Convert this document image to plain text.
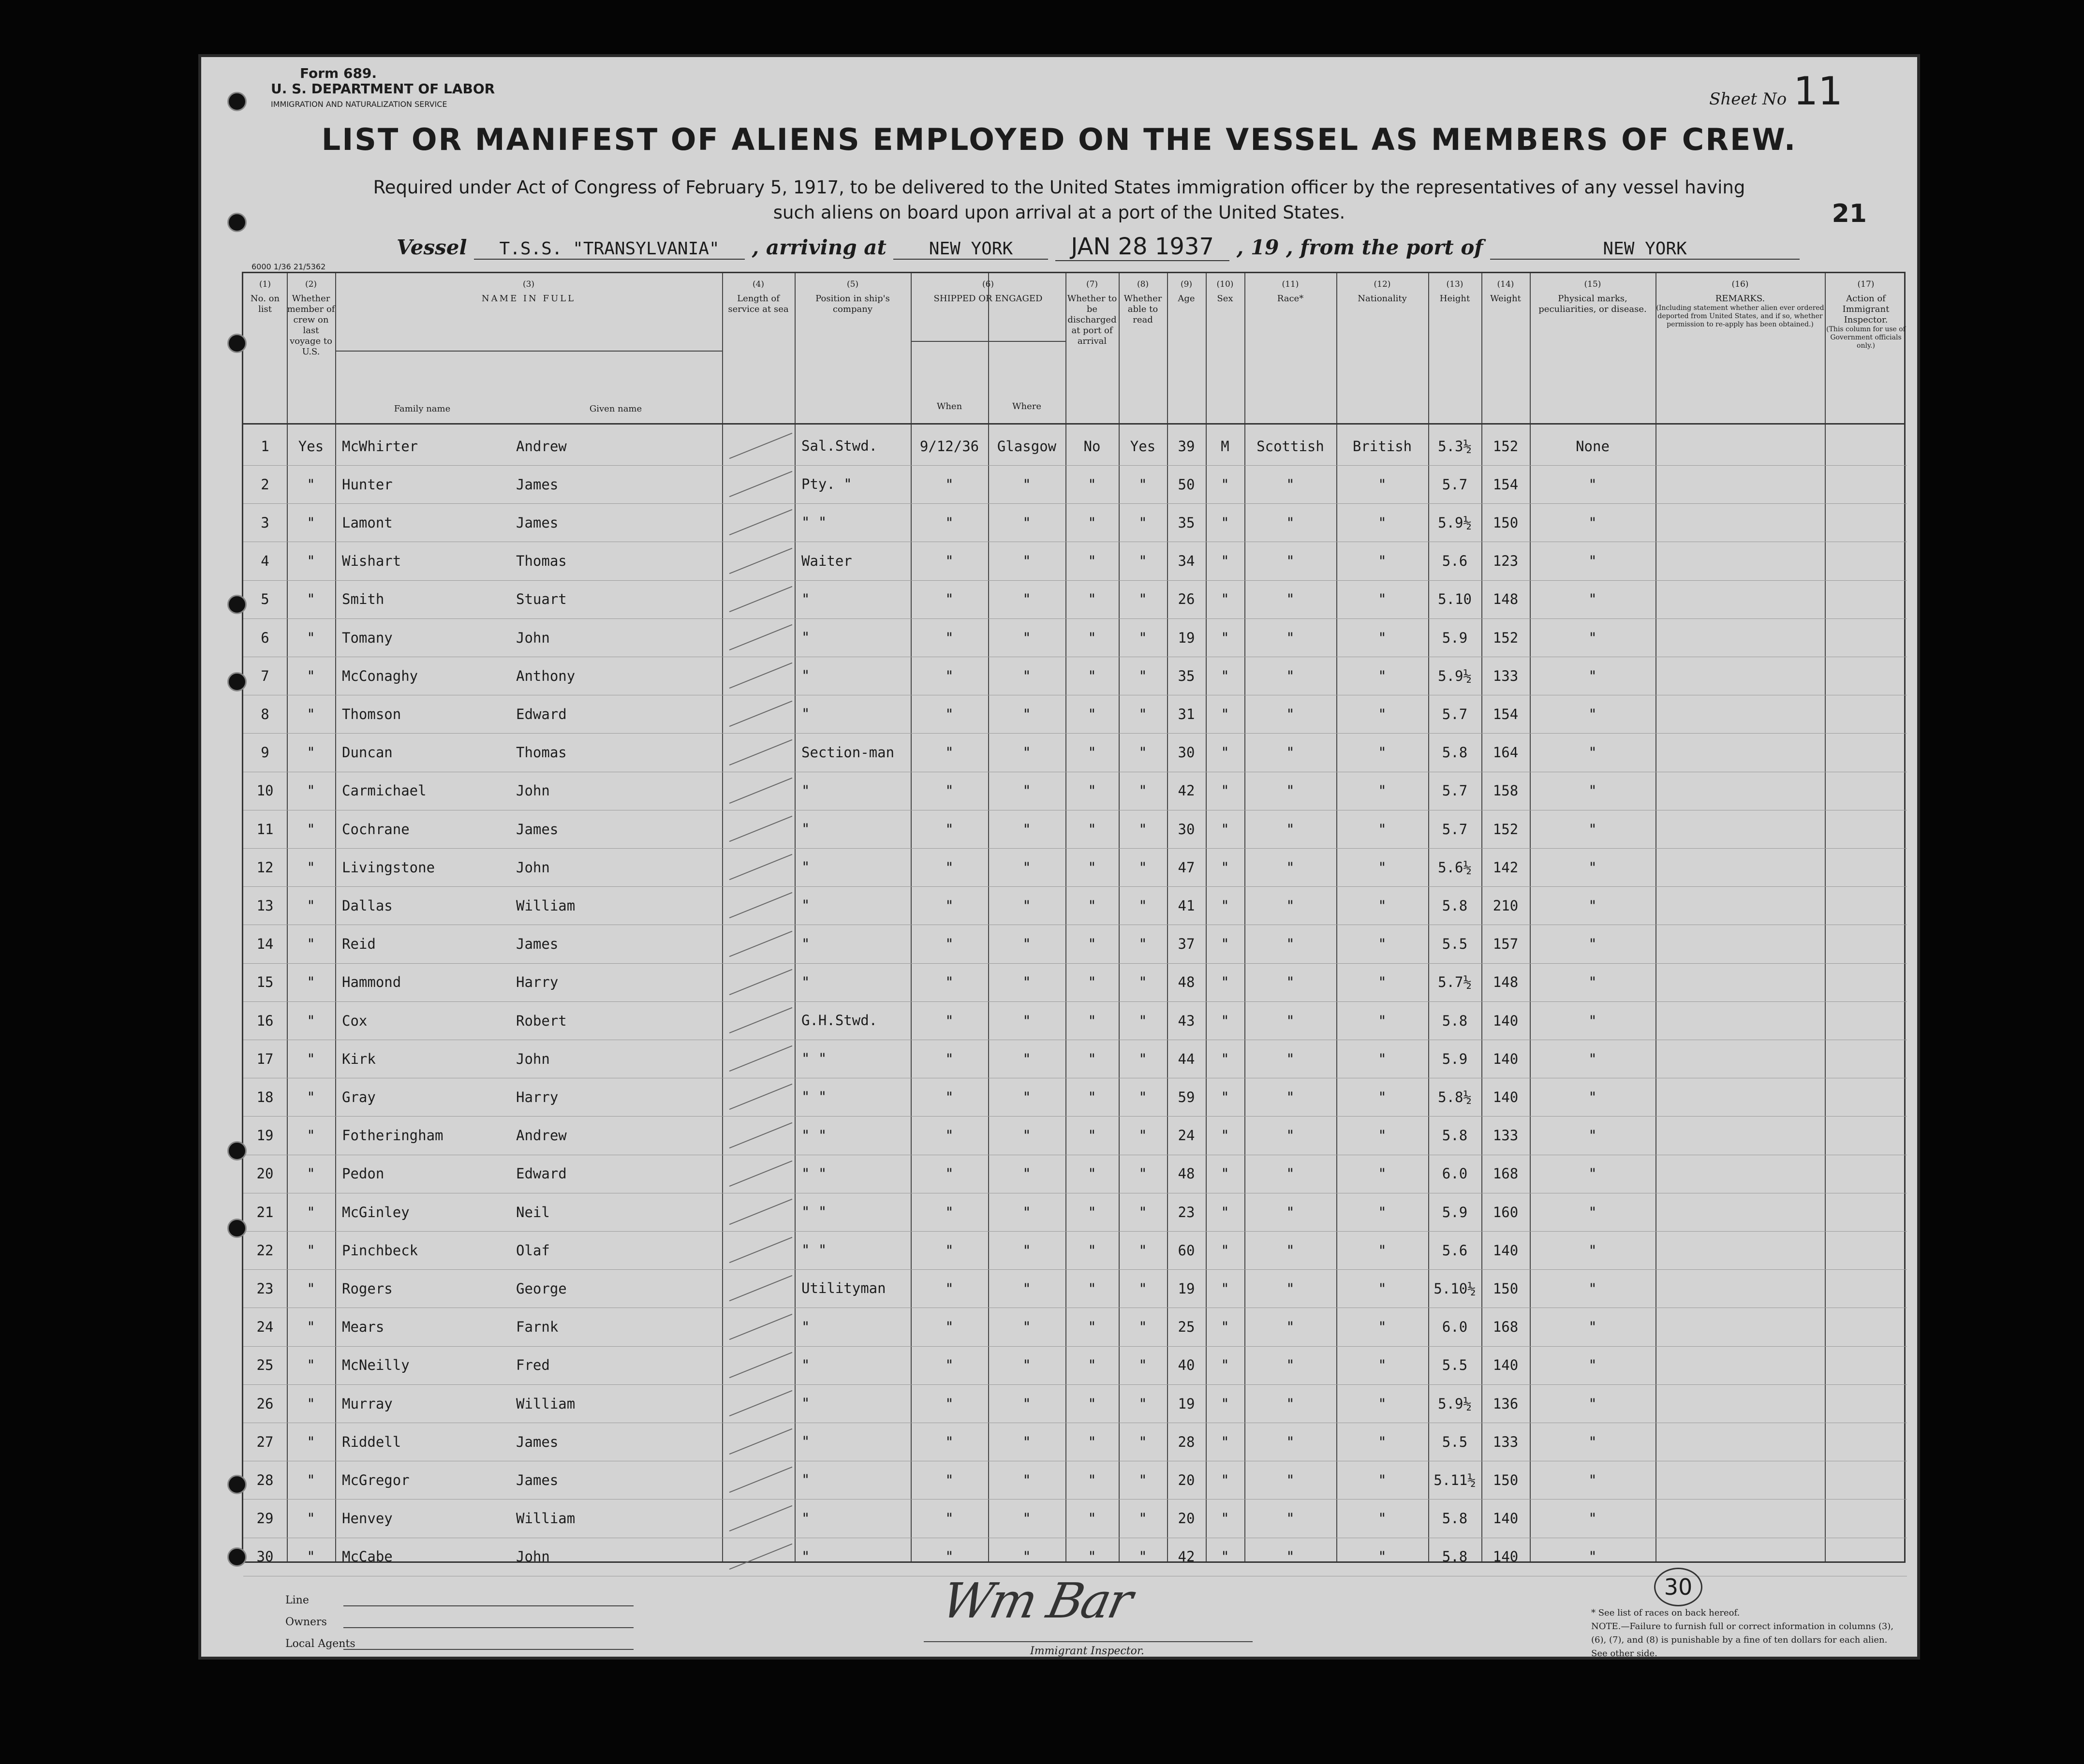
Form 689.
U. S. DEPARTMENT OF LABOR
IMMIGRATION AND NATURALIZATION SERVICE	Sheet No 11
LIST OR MANIFEST OF ALIENS EMPLOYED ON THE VESSEL AS MEMBERS OF CREW.
Required under Act of Congress of February 5, 1917, to be delivered to the United States immigration officer by the representatives of any vessel having such aliens on board upon arrival at a port of the United States.	21
Vessel T.S.S. "TRANSYLVANIA" , arriving at NEW YORK	JAN 28 1937 , 19 , from the port of	NEW YORK
6000 1/36 21/5362
(1)
No. on list
(2)
Whether member of crew on last voyage to U.S.
(3)
NAME IN FULL
Family name	Given name
(4)
Length of service at sea
(5)
Position in ship's company
(6)
SHIPPED OR ENGAGED
When	Where
(7)
Whether to be discharged at port of arrival
(8)
Whether able to read
(9)
Age
(10)
Sex
(11)
Race*
(12)
Nationality
(13)
Height
(14)
Weight
(15)
Physical marks, peculiarities, or disease.
(16)
REMARKS.
(Including statement whether alien ever ordered deported from United States, and if so, whether permission to re-apply has been obtained.)
(17)
Action of Immigrant Inspector.
(This column for use of Government officials only.)
1	Yes	McWhirter	Andrew	Sal.Stwd.	9/12/36	Glasgow	No	Yes	39	M	Scottish	British	5.3½	152	None
2	"	Hunter	James	Pty. "	"	"	"	"	50	"	"	"	5.7	154	"
3	"	Lamont	James	" "	"	"	"	"	35	"	"	"	5.9½	150	"
4	"	Wishart	Thomas	Waiter	"	"	"	"	34	"	"	"	5.6	123	"
5	"	Smith	Stuart	"	"	"	"	"	26	"	"	"	5.10	148	"
6	"	Tomany	John	"	"	"	"	"	19	"	"	"	5.9	152	"
7	"	McConaghy	Anthony	"	"	"	"	"	35	"	"	"	5.9½	133	"
8	"	Thomson	Edward	"	"	"	"	"	31	"	"	"	5.7	154	"
9	"	Duncan	Thomas	Section-man	"	"	"	"	30	"	"	"	5.8	164	"
10	"	Carmichael	John	"	"	"	"	"	42	"	"	"	5.7	158	"
11	"	Cochrane	James	"	"	"	"	"	30	"	"	"	5.7	152	"
12	"	Livingstone	John	"	"	"	"	"	47	"	"	"	5.6½	142	"
13	"	Dallas	William	"	"	"	"	"	41	"	"	"	5.8	210	"
14	"	Reid	James	"	"	"	"	"	37	"	"	"	5.5	157	"
15	"	Hammond	Harry	"	"	"	"	"	48	"	"	"	5.7½	148	"
16	"	Cox	Robert	G.H.Stwd.	"	"	"	"	43	"	"	"	5.8	140	"
17	"	Kirk	John	" "	"	"	"	"	44	"	"	"	5.9	140	"
18	"	Gray	Harry	" "	"	"	"	"	59	"	"	"	5.8½	140	"
19	"	Fotheringham	Andrew	" "	"	"	"	"	24	"	"	"	5.8	133	"
20	"	Pedon	Edward	" "	"	"	"	"	48	"	"	"	6.0	168	"
21	"	McGinley	Neil	" "	"	"	"	"	23	"	"	"	5.9	160	"
22	"	Pinchbeck	Olaf	" "	"	"	"	"	60	"	"	"	5.6	140	"
23	"	Rogers	George	Utilityman	"	"	"	"	19	"	"	"	5.10½	150	"
24	"	Mears	Farnk	"	"	"	"	"	25	"	"	"	6.0	168	"
25	"	McNeilly	Fred	"	"	"	"	"	40	"	"	"	5.5	140	"
26	"	Murray	William	"	"	"	"	"	19	"	"	"	5.9½	136	"
27	"	Riddell	James	"	"	"	"	"	28	"	"	"	5.5	133	"
28	"	McGregor	James	"	"	"	"	"	20	"	"	"	5.11½	150	"
29	"	Henvey	William	"	"	"	"	"	20	"	"	"	5.8	140	"
30	"	McCabe	John	"	"	"	"	"	42	"	"	"	5.8	140	"
Line
Owners
Local Agents
Wm Bar
Immigrant Inspector.
30
* See list of races on back hereof.
NOTE.—Failure to furnish full or correct information in columns (3), (6), (7), and (8) is punishable by a fine of ten dollars for each alien. See other side.
